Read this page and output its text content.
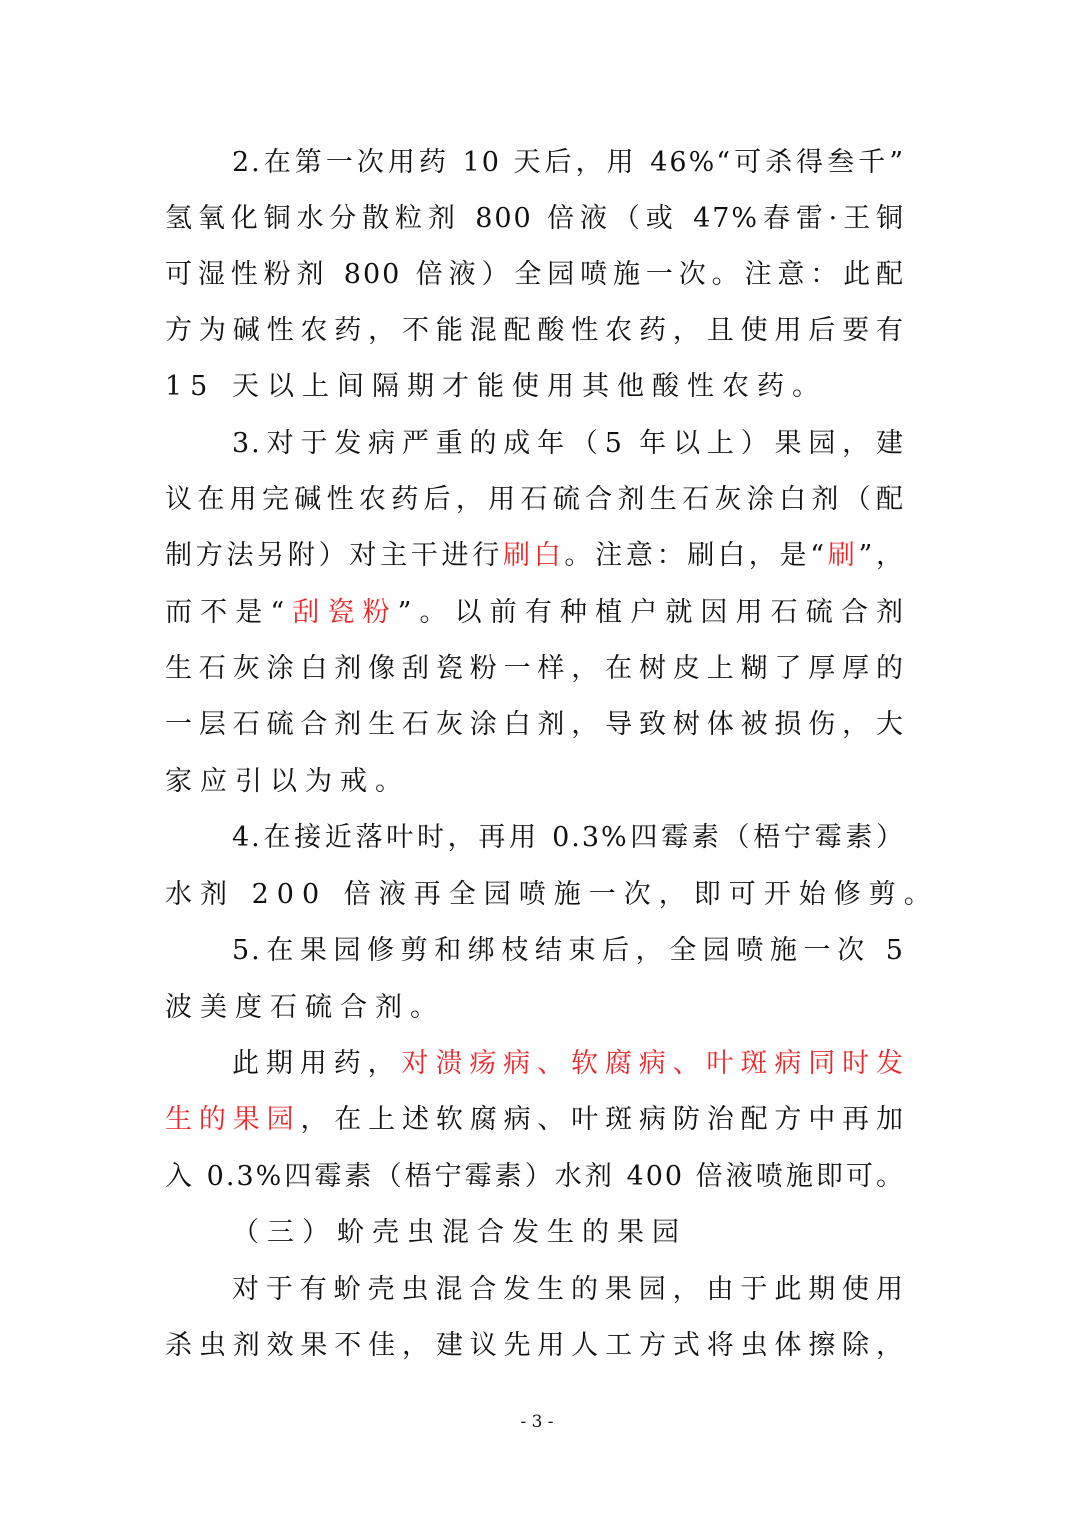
2.在第一次用药 10 天后，用 46%“可杀得叁千”
氢氧化铜水分散粒剂 800 倍液（或 47%春雷·王铜
可湿性粉剂 800 倍液）全园喷施一次。注意：此配
方为碱性农药，不能混配酸性农药，且使用后要有
15 天以上间隔期才能使用其他酸性农药。
3.对于发病严重的成年（5 年以上）果园，建
议在用完碱性农药后，用石硫合剂生石灰涂白剂（配
制方法另附）对主干进行刷白。注意：刷白，是“刷”，
而不是“刮瓷粉”。以前有种植户就因用石硫合剂
生石灰涂白剂像刮瓷粉一样，在树皮上糊了厚厚的
一层石硫合剂生石灰涂白剂，导致树体被损伤，大
家应引以为戒。
4.在接近落叶时，再用 0.3%四霉素（梧宁霉素）
水剂 200 倍液再全园喷施一次，即可开始修剪。
5.在果园修剪和绑枝结束后，全园喷施一次 5
波美度石硫合剂。
此期用药，对溃疡病、软腐病、叶斑病同时发
生的果园，在上述软腐病、叶斑病防治配方中再加
入 0.3%四霉素（梧宁霉素）水剂 400 倍液喷施即可。
（三）蚧壳虫混合发生的果园
对于有蚧壳虫混合发生的果园，由于此期使用
杀虫剂效果不佳，建议先用人工方式将虫体擦除，
- 3 -
